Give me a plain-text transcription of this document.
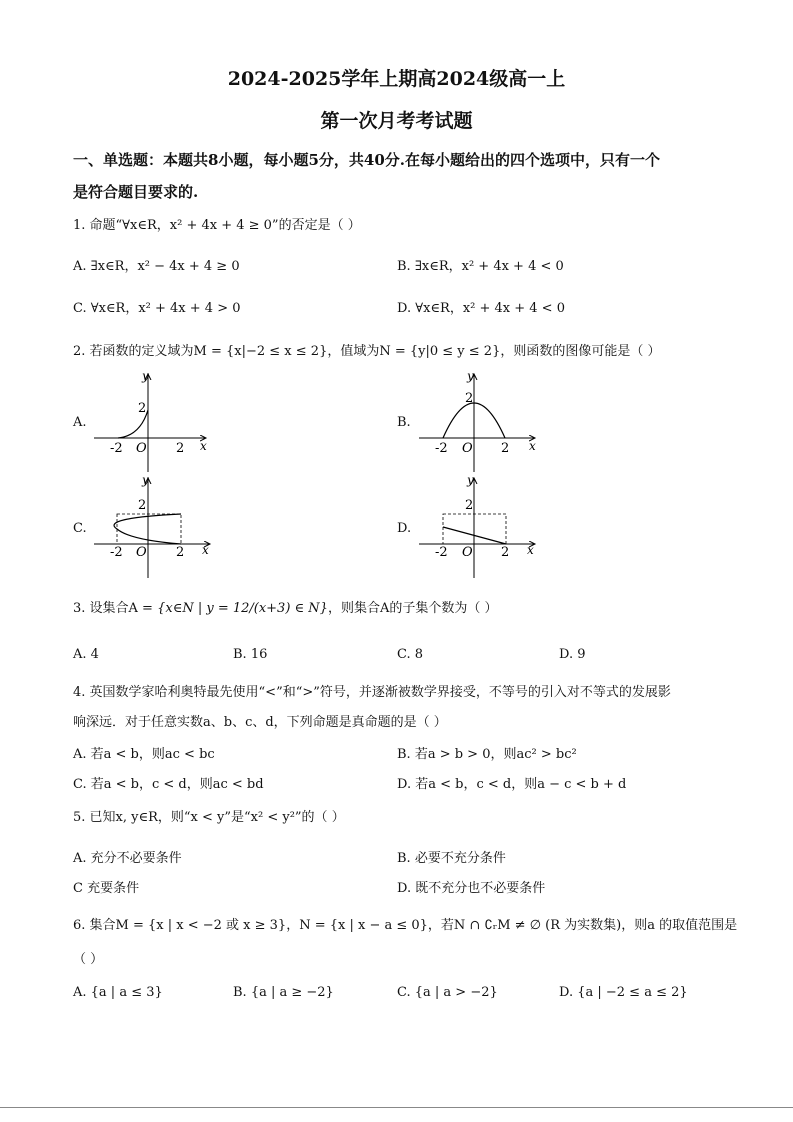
2024-2025学年上期高2024级高一上
第一次月考考试题
一、单选题：本题共8小题，每小题5分，共40分.在每小题给出的四个选项中，只有一个
是符合题目要求的.
1. 命题“∀x∈R，x² + 4x + 4 ≥ 0”的否定是（ ）
A. ∃x∈R，x² − 4x + 4 ≥ 0	B. ∃x∈R，x² + 4x + 4 < 0
C. ∀x∈R，x² + 4x + 4 > 0	D. ∀x∈R，x² + 4x + 4 < 0
2. 若函数的定义域为M = {x|−2 ≤ x ≤ 2}，值域为N = {y|0 ≤ y ≤ 2}，则函数的图像可能是（ ）
A.	B.
C.	D.
y
x
2
-2 O 2
y
x
2
-2 O 2
y
x
2
-2 O 2
y
x
2
-2 O 2
3. 设集合A = {x∈N | y = 12/(x+3) ∈ N}，则集合A的子集个数为（ ）
A. 4	B. 16	C. 8	D. 9
4. 英国数学家哈利奥特最先使用“<”和“>”符号，并逐渐被数学界接受，不等号的引入对不等式的发展影
响深远．对于任意实数a、b、c、d，下列命题是真命题的是（ ）
A. 若a < b，则ac < bc	B. 若a > b > 0，则ac² > bc²
C. 若a < b，c < d，则ac < bd	D. 若a < b，c < d，则a − c < b + d
5. 已知x, y∈R，则“x < y”是“x² < y²”的（ ）
A. 充分不必要条件	B. 必要不充分条件
C 充要条件	D. 既不充分也不必要条件
6. 集合M = {x | x < −2 或 x ≥ 3}，N = {x | x − a ≤ 0}，若N ∩ ∁ᵣM ≠ ∅ (R 为实数集)，则a 的取值范围是
（ ）
A. {a | a ≤ 3}	B. {a | a ≥ −2}	C. {a | a > −2}	D. {a | −2 ≤ a ≤ 2}
